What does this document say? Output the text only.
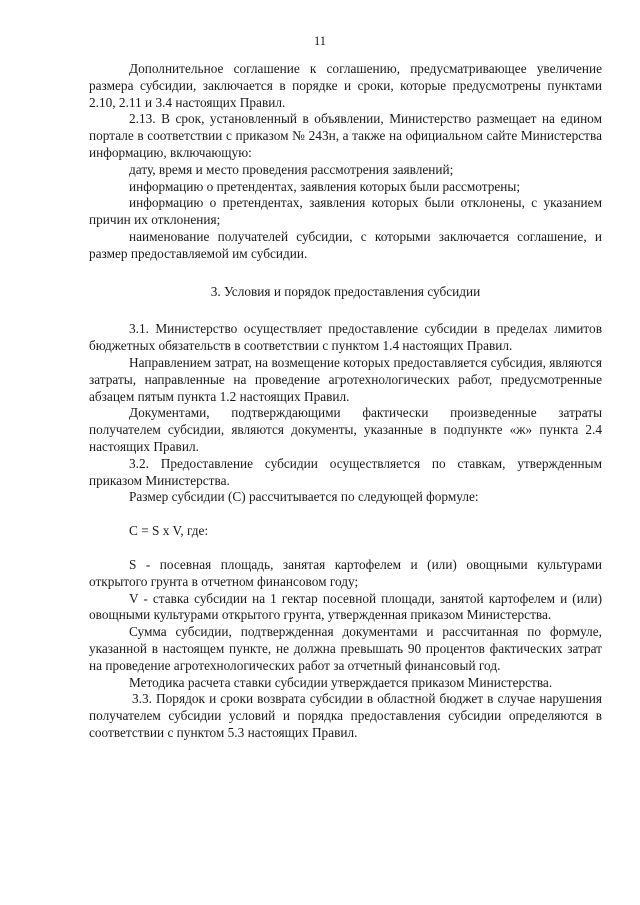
11

Дополнительное соглашение к соглашению, предусматривающее увеличение размера субсидии, заключается в порядке и сроки, которые предусмотрены пунктами 2.10, 2.11 и 3.4 настоящих Правил.

2.13. В срок, установленный в объявлении, Министерство размещает на едином портале в соответствии с приказом № 243н, а также на официальном сайте Министерства информацию, включающую:

дату, время и место проведения рассмотрения заявлений;

информацию о претендентах, заявления которых были рассмотрены;

информацию о претендентах, заявления которых были отклонены, с указанием причин их отклонения;

наименование получателей субсидии, с которыми заключается соглашение, и размер предоставляемой им субсидии.

3. Условия и порядок предоставления субсидии

3.1. Министерство осуществляет предоставление субсидии в пределах лимитов бюджетных обязательств в соответствии с пунктом 1.4 настоящих Правил.

Направлением затрат, на возмещение которых предоставляется субсидия, являются затраты, направленные на проведение агротехнологических работ, предусмотренные абзацем пятым пункта 1.2 настоящих Правил.

Документами, подтверждающими фактически произведенные затраты получателем субсидии, являются документы, указанные в подпункте «ж» пункта 2.4 настоящих Правил.

3.2. Предоставление субсидии осуществляется по ставкам, утвержденным приказом Министерства.

Размер субсидии (С) рассчитывается по следующей формуле:

С = S x V, где:

S - посевная площадь, занятая картофелем и (или) овощными культурами открытого грунта в отчетном финансовом году;

V - ставка субсидии на 1 гектар посевной площади, занятой картофелем и (или) овощными культурами открытого грунта, утвержденная приказом Министерства.

Сумма субсидии, подтвержденная документами и рассчитанная по формуле, указанной в настоящем пункте, не должна превышать 90 процентов фактических затрат на проведение агротехнологических работ за отчетный финансовый год.

Методика расчета ставки субсидии утверждается приказом Министерства.

3.3. Порядок и сроки возврата субсидии в областной бюджет в случае нарушения получателем субсидии условий и порядка предоставления субсидии определяются в соответствии с пунктом 5.3 настоящих Правил.
